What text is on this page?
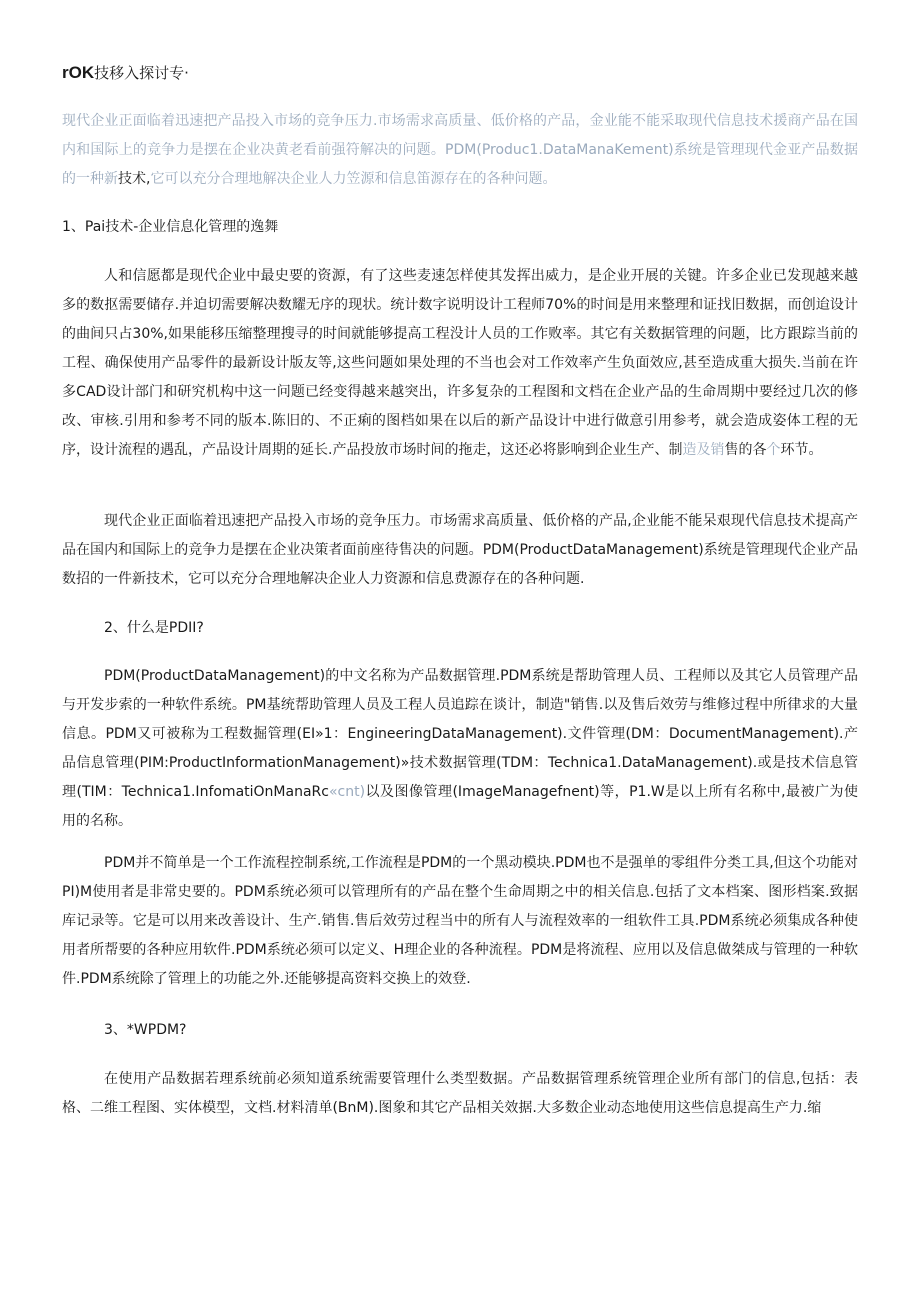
rOK技移入探讨专·

现代企业正面临着迅速把产品投入市场的竞争压力.市场需求高质量、低价格的产品，金业能不能采取现代信息技术援商产品在国内和国际上的竞争力是摆在企业决黄老看前强符解决的问题。PDM(Produc1.DataManaKement)系统是管理现代金亚产品数据的一种新技术,它可以充分合理地解决企业人力笠源和信息笛源存在的各种问题。

1、Pai技术-企业信息化管理的逸舞

人和信愿都是现代企业中最史要的资源，有了这些麦速怎样使其发挥出威力，是企业开展的关键。许多企业已发现越来越多的数抠需要储存.并迫切需要解决数耀无序的现状。统计数字说明设计工程师70%的时间是用来整理和证找旧数据，而创迨设计的曲间只占30%,如果能移压缩整理搜寻的时间就能够提高工程没计人员的工作败率。其它有关数据管理的问题，比方跟踪当前的工程、确保使用产品零件的最新设计版友等,这些问题如果处理的不当也会对工作效率产生负面效应,甚至造成重大损失.当前在许多CAD设计部门和研究机构中这一问题已经变得越来越突出，许多复杂的工程图和文档在企业产品的生命周期中要经过几次的修改、审核.引用和参考不同的版本.陈旧的、不正痢的图档如果在以后的新产品设计中进行做意引用参考，就会造成姿体工程的无序，设计流程的遇乱，产品设计周期的延长.产品投放市场时间的拖走，这还必将影响到企业生产、制造及销售的各个环节。

现代企业正面临着迅速把产品投入市场的竞争压力。市场需求高质量、低价格的产品,企业能不能呆艰现代信息技术提高产品在国内和国际上的竞争力是摆在企业决策者面前座待售决的问题。PDM(ProductDataManagement)系统是管理现代企业产品数招的一件新技术，它可以充分合理地解决企业人力资源和信息费源存在的各种问题.

2、什么是PDII?

PDM(ProductDataManagement)的中文名称为产品数据管理.PDM系统是帮助管理人员、工程师以及其它人员管理产品与开发步索的一种软件系统。PM基统帮助管理人员及工程人员追踪在谈计，制造"销售.以及售后效劳与维修过程中所律求的大量信息。PDM又可被称为工程数掘管理(EI»1：EngineeringDataManagement).文件管理(DM：DocumentManagement).产品信息管理(PIM:ProductInformationManagement)»技术数据管理(TDM：Technica1.DataManagement).或是技术信息管理(TIM：Technica1.InfomatiOnManaRc«cnt)以及图像管理(ImageManagefnent)等，P1.W是以上所有名称中,最被广为使用的名称。

PDM并不简单是一个工作流程控制系统,工作流程是PDM的一个黑动模块.PDM也不是强单的零组件分类工具,但这个功能对PI)M使用者是非常史要的。PDM系统必须可以管理所有的产品在整个生命周期之中的相关信息.包括了文本档案、图形档案.致据库记录等。它是可以用来改善设计、生产.销售.售后效劳过程当中的所有人与流程效率的一组软件工具.PDM系统必须集成各种使用者所帮要的各种应用软件.PDM系统必须可以定义、H理企业的各种流程。PDM是将流程、应用以及信息做桀成与管理的一种软件.PDM系统除了管理上的功能之外.还能够提高资料交换上的效登.

3、*WPDM?

在使用产品数据若理系统前必须知道系统需要管理什么类型数据。产品数据管理系统管理企业所有部门的信息,包括：表格、二维工程图、实体模型，文档.材料清单(BnM).图象和其它产品相关效据.大多数企业动态地使用这些信息提高生产力.缩
